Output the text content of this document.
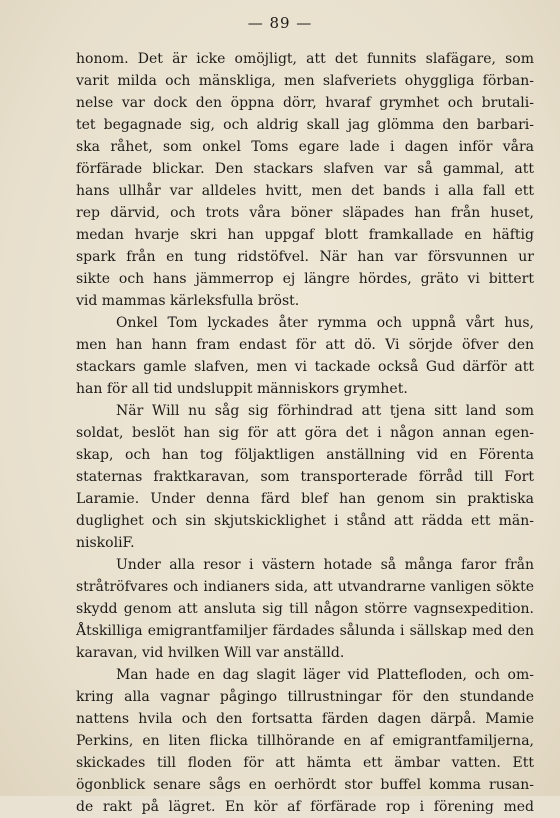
— 89 —
honom. Det är icke omöjligt, att det funnits slafägare, som
varit milda och mänskliga, men slafveriets ohyggliga förban-
nelse var dock den öppna dörr, hvaraf grymhet och brutali-
tet begagnade sig, och aldrig skall jag glömma den barbari-
ska råhet, som onkel Toms egare lade i dagen inför våra
förfärade blickar. Den stackars slafven var så gammal, att
hans ullhår var alldeles hvitt, men det bands i alla fall ett
rep därvid, och trots våra böner släpades han från huset,
medan hvarje skri han uppgaf blott framkallade en häftig
spark från en tung ridstöfvel. När han var försvunnen ur
sikte och hans jämmerrop ej längre hördes, gräto vi bittert
vid mammas kärleksfulla bröst.
Onkel Tom lyckades åter rymma och uppnå vårt hus,
men han hann fram endast för att dö. Vi sörjde öfver den
stackars gamle slafven, men vi tackade också Gud därför att
han för all tid undsluppit människors grymhet.
När Will nu såg sig förhindrad att tjena sitt land som
soldat, beslöt han sig för att göra det i någon annan egen-
skap, och han tog följaktligen anställning vid en Förenta
staternas fraktkaravan, som transporterade förråd till Fort
Laramie. Under denna färd blef han genom sin praktiska
duglighet och sin skjutskicklighet i stånd att rädda ett män-
niskoliF.
Under alla resor i västern hotade så många faror från
stråtröfvares och indianers sida, att utvandrarne vanligen sökte
skydd genom att ansluta sig till någon större vagnsexpedition.
Åtskilliga emigrantfamiljer färdades sålunda i sällskap med den
karavan, vid hvilken Will var anställd.
Man hade en dag slagit läger vid Plattefloden, och om-
kring alla vagnar pågingo tillrustningar för den stundande
nattens hvila och den fortsatta färden dagen därpå. Mamie
Perkins, en liten flicka tillhörande en af emigrantfamiljerna,
skickades till floden för att hämta ett ämbar vatten. Ett
ögonblick senare sågs en oerhördt stor buffel komma rusan-
de rakt på lägret. En kör af förfärade rop i förening med
